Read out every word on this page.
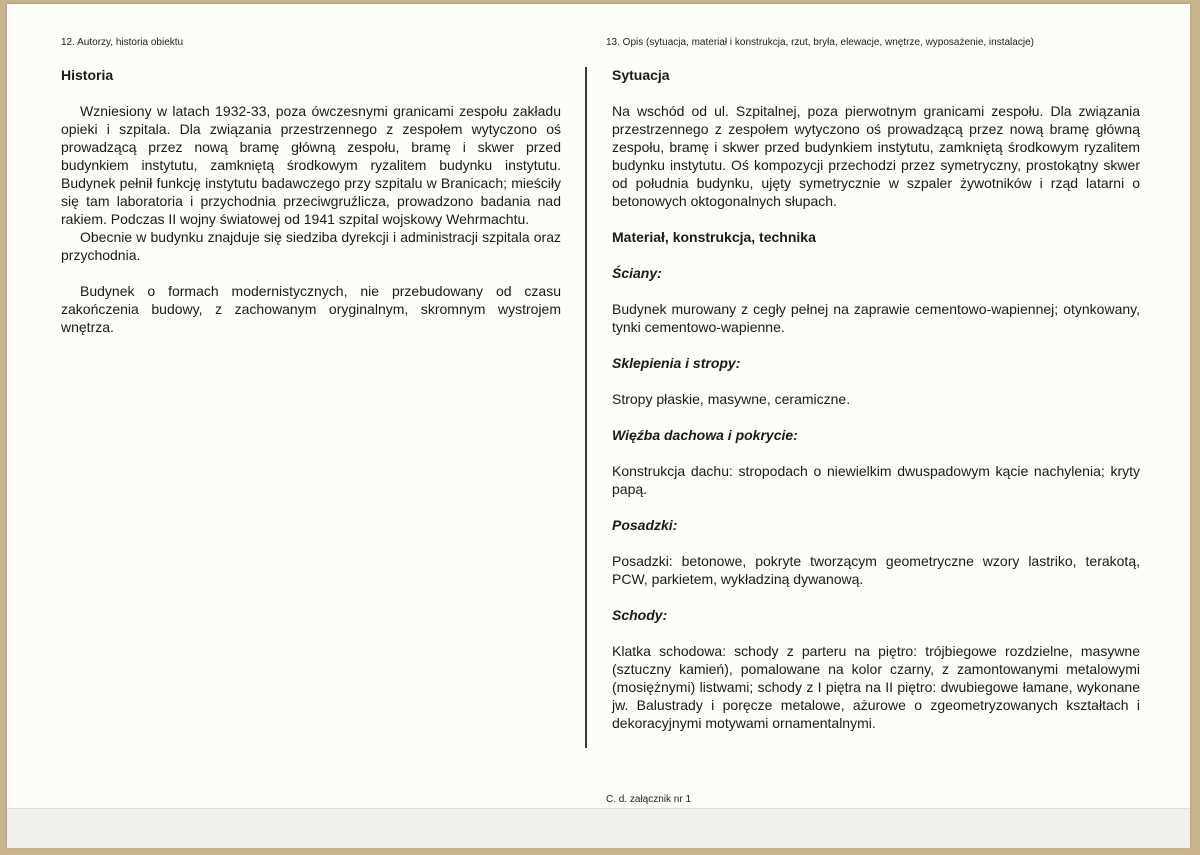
12. Autorzy, historia obiektu	13. Opis (sytuacja, materiał i konstrukcja, rzut, bryła, elewacje, wnętrze, wyposażenie, instalacje)

Historia

Wzniesiony w latach 1932-33, poza ówczesnymi granicami zespołu zakładu opieki i szpitala. Dla związania przestrzennego z zespołem wytyczono oś prowadzącą przez nową bramę główną zespołu, bramę i skwer przed budynkiem instytutu, zamkniętą środkowym ryzalitem budynku instytutu. Budynek pełnił funkcję instytutu badawczego przy szpitalu w Branicach; mieściły się tam laboratoria i przychodnia przeciwgruźlicza, prowadzono badania nad rakiem. Podczas II wojny światowej od 1941 szpital wojskowy Wehrmachtu.

Obecnie w budynku znajduje się siedziba dyrekcji i administracji szpitala oraz przychodnia.

Budynek o formach modernistycznych, nie przebudowany od czasu zakończenia budowy, z zachowanym oryginalnym, skromnym wystrojem wnętrza.

Sytuacja

Na wschód od ul. Szpitalnej, poza pierwotnym granicami zespołu. Dla związania przestrzennego z zespołem wytyczono oś prowadzącą przez nową bramę główną zespołu, bramę i skwer przed budynkiem instytutu, zamkniętą środkowym ryzalitem budynku instytutu. Oś kompozycji przechodzi przez symetryczny, prostokątny skwer od południa budynku, ujęty symetrycznie w szpaler żywotników i rząd latarni o betonowych oktogonalnych słupach.

Materiał, konstrukcja, technika

Ściany:

Budynek murowany z cegły pełnej na zaprawie cementowo-wapiennej; otynkowany, tynki cementowo-wapienne.

Sklepienia i stropy:

Stropy płaskie, masywne, ceramiczne.

Więźba dachowa i pokrycie:

Konstrukcja dachu: stropodach o niewielkim dwuspadowym kącie nachylenia; kryty papą.

Posadzki:

Posadzki: betonowe, pokryte tworzącym geometryczne wzory lastriko, terakotą, PCW, parkietem, wykładziną dywanową.

Schody:

Klatka schodowa: schody z parteru na piętro: trójbiegowe rozdzielne, masywne (sztuczny kamień), pomalowane na kolor czarny, z zamontowanymi metalowymi (mosiężnymi) listwami; schody z I piętra na II piętro: dwubiegowe łamane, wykonane jw. Balustrady i poręcze metalowe, ażurowe o zgeometryzowanych kształtach i dekoracyjnymi motywami ornamentalnymi.

C. d. załącznik nr 1
